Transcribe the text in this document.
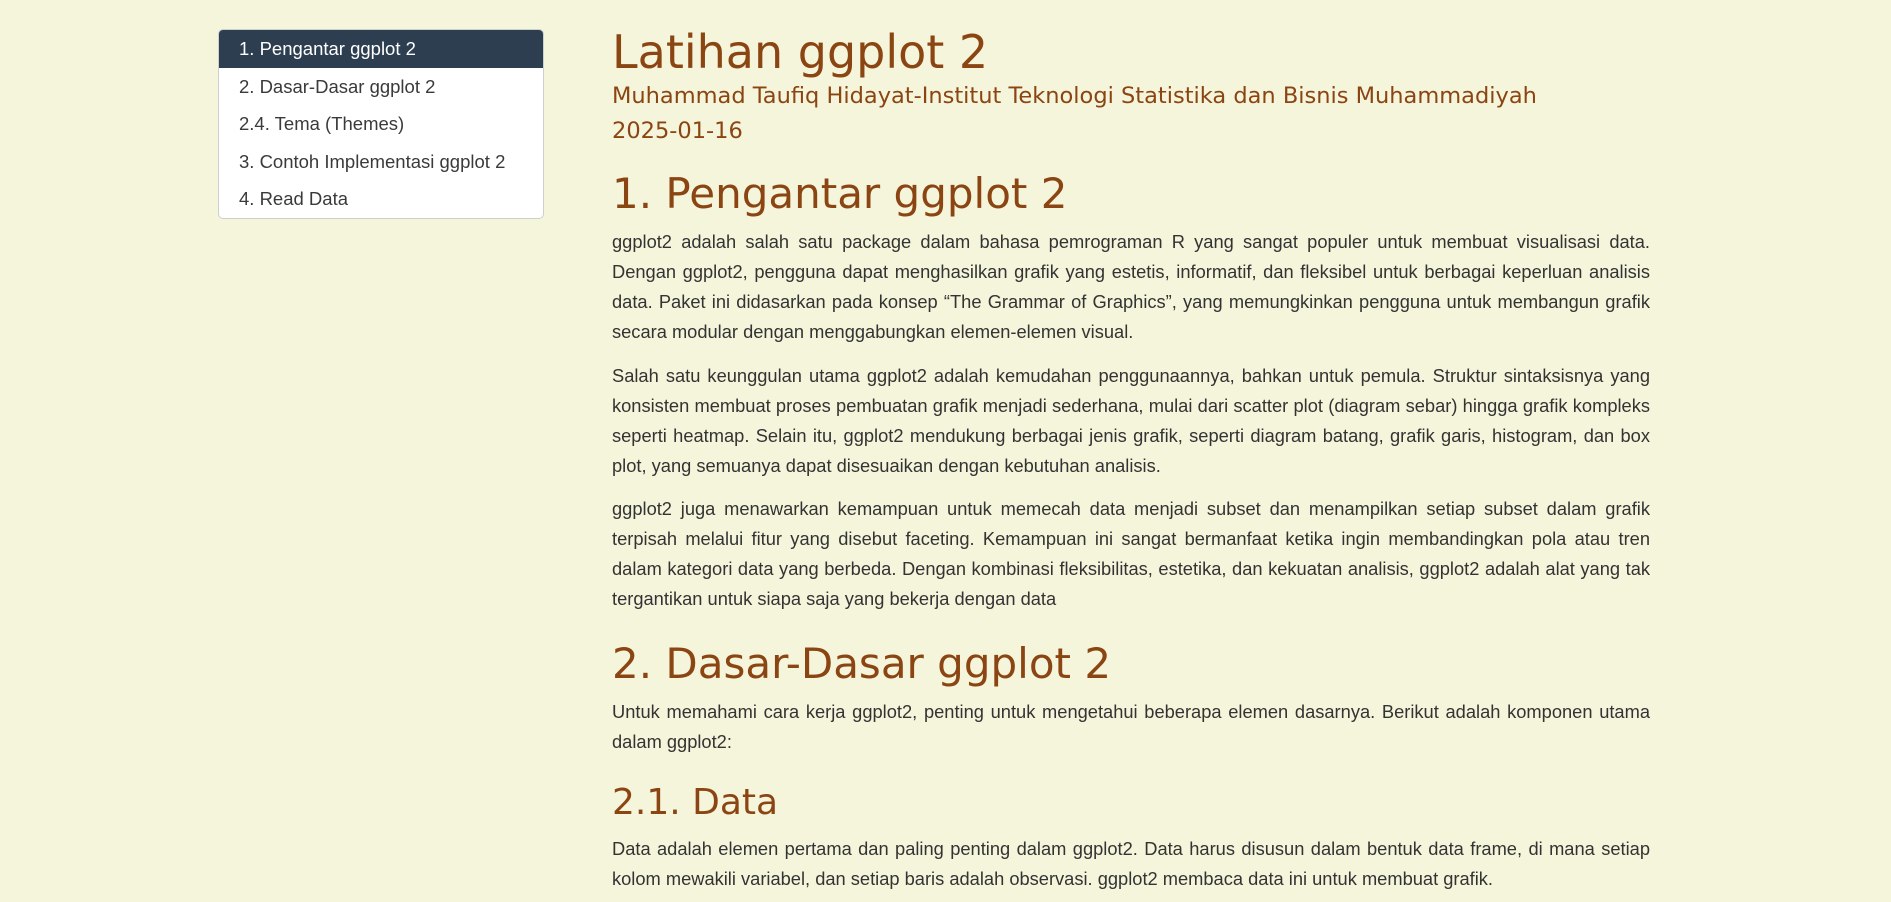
1. Pengantar ggplot 2
2. Dasar-Dasar ggplot 2
2.4. Tema (Themes)
3. Contoh Implementasi ggplot 2
4. Read Data
Latihan ggplot 2
Muhammad Taufiq Hidayat-Institut Teknologi Statistika dan Bisnis Muhammadiyah
2025-01-16
1. Pengantar ggplot 2

ggplot2 adalah salah satu package dalam bahasa pemrograman R yang sangat populer untuk membuat visualisasi data. Dengan ggplot2, pengguna dapat menghasilkan grafik yang estetis, informatif, dan fleksibel untuk berbagai keperluan analisis data. Paket ini didasarkan pada konsep “The Grammar of Graphics”, yang memungkinkan pengguna untuk membangun grafik secara modular dengan menggabungkan elemen-elemen visual.

Salah satu keunggulan utama ggplot2 adalah kemudahan penggunaannya, bahkan untuk pemula. Struktur sintaksisnya yang konsisten membuat proses pembuatan grafik menjadi sederhana, mulai dari scatter plot (diagram sebar) hingga grafik kompleks seperti heatmap. Selain itu, ggplot2 mendukung berbagai jenis grafik, seperti diagram batang, grafik garis, histogram, dan box plot, yang semuanya dapat disesuaikan dengan kebutuhan analisis.

ggplot2 juga menawarkan kemampuan untuk memecah data menjadi subset dan menampilkan setiap subset dalam grafik terpisah melalui fitur yang disebut faceting. Kemampuan ini sangat bermanfaat ketika ingin membandingkan pola atau tren dalam kategori data yang berbeda. Dengan kombinasi fleksibilitas, estetika, dan kekuatan analisis, ggplot2 adalah alat yang tak tergantikan untuk siapa saja yang bekerja dengan data

2. Dasar-Dasar ggplot 2

Untuk memahami cara kerja ggplot2, penting untuk mengetahui beberapa elemen dasarnya. Berikut adalah komponen utama dalam ggplot2:

2.1. Data

Data adalah elemen pertama dan paling penting dalam ggplot2. Data harus disusun dalam bentuk data frame, di mana setiap kolom mewakili variabel, dan setiap baris adalah observasi. ggplot2 membaca data ini untuk membuat grafik.
